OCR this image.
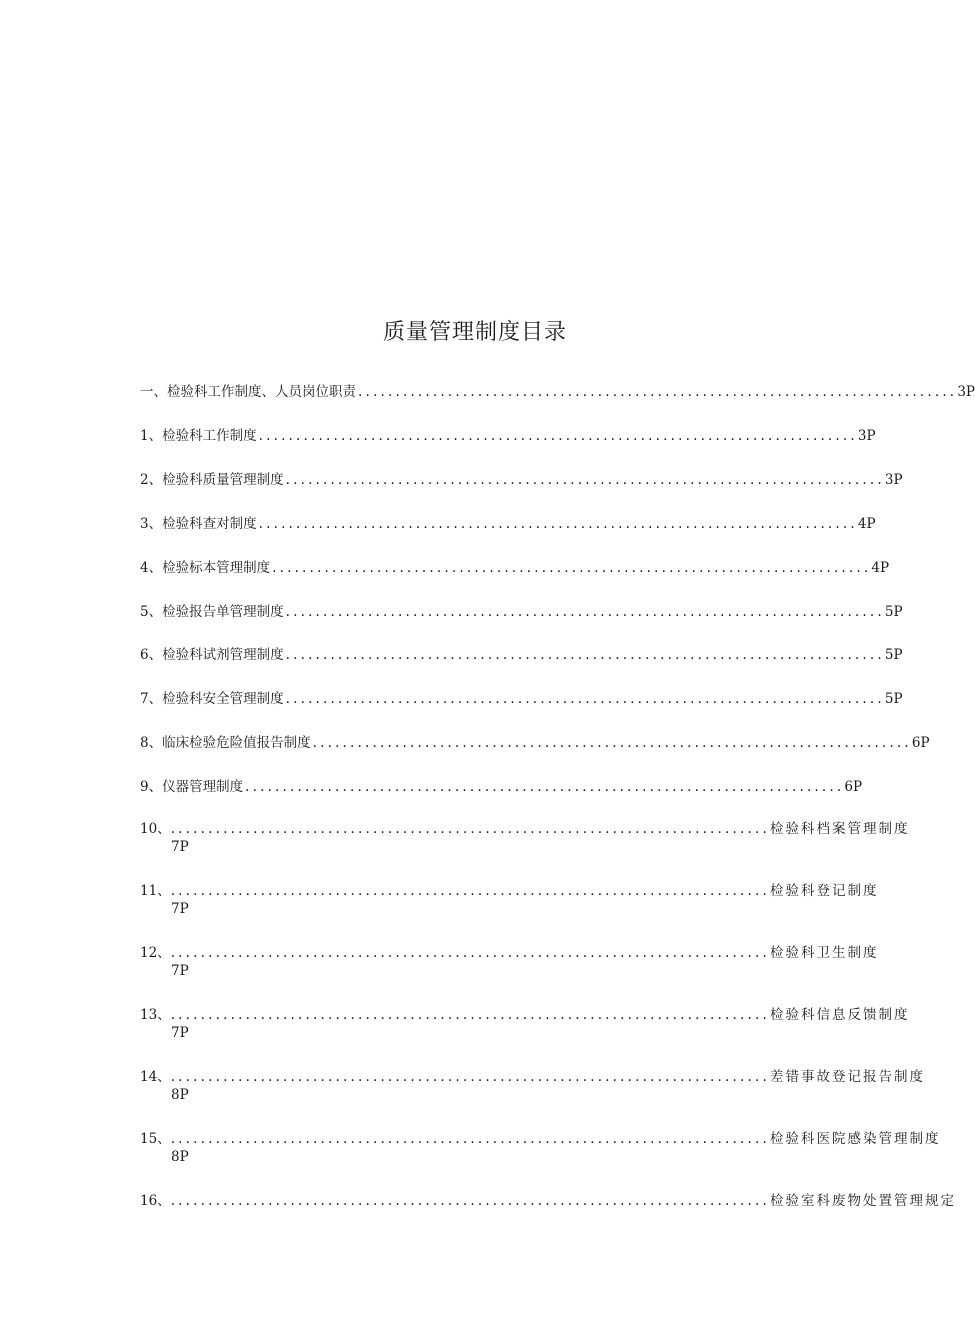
质量管理制度目录
一、 检验科工作制度、人员岗位职责 ................................................................................ 3P
1、 检验科工作制度 ................................................................................ 3P
2、 检验科质量管理制度 ................................................................................ 3P
3、 检验科查对制度 ................................................................................ 4P
4、 检验标本管理制度 ................................................................................ 4P
5、 检验报告单管理制度 ................................................................................ 5P
6、 检验科试剂管理制度 ................................................................................ 5P
7、 检验科安全管理制度 ................................................................................ 5P
8、 临床检验危险值报告制度 ................................................................................ 6P
9、 仪器管理制度 ................................................................................ 6P
10、 ................................................................................ 检验科档案管理制度
7P
11、 ................................................................................ 检验科登记制度
7P
12、 ................................................................................ 检验科卫生制度
7P
13、 ................................................................................ 检验科信息反馈制度
7P
14、 ................................................................................ 差错事故登记报告制度
8P
15、 ................................................................................ 检验科医院感染管理制度
8P
16、 ................................................................................ 检验室科废物处置管理规定
